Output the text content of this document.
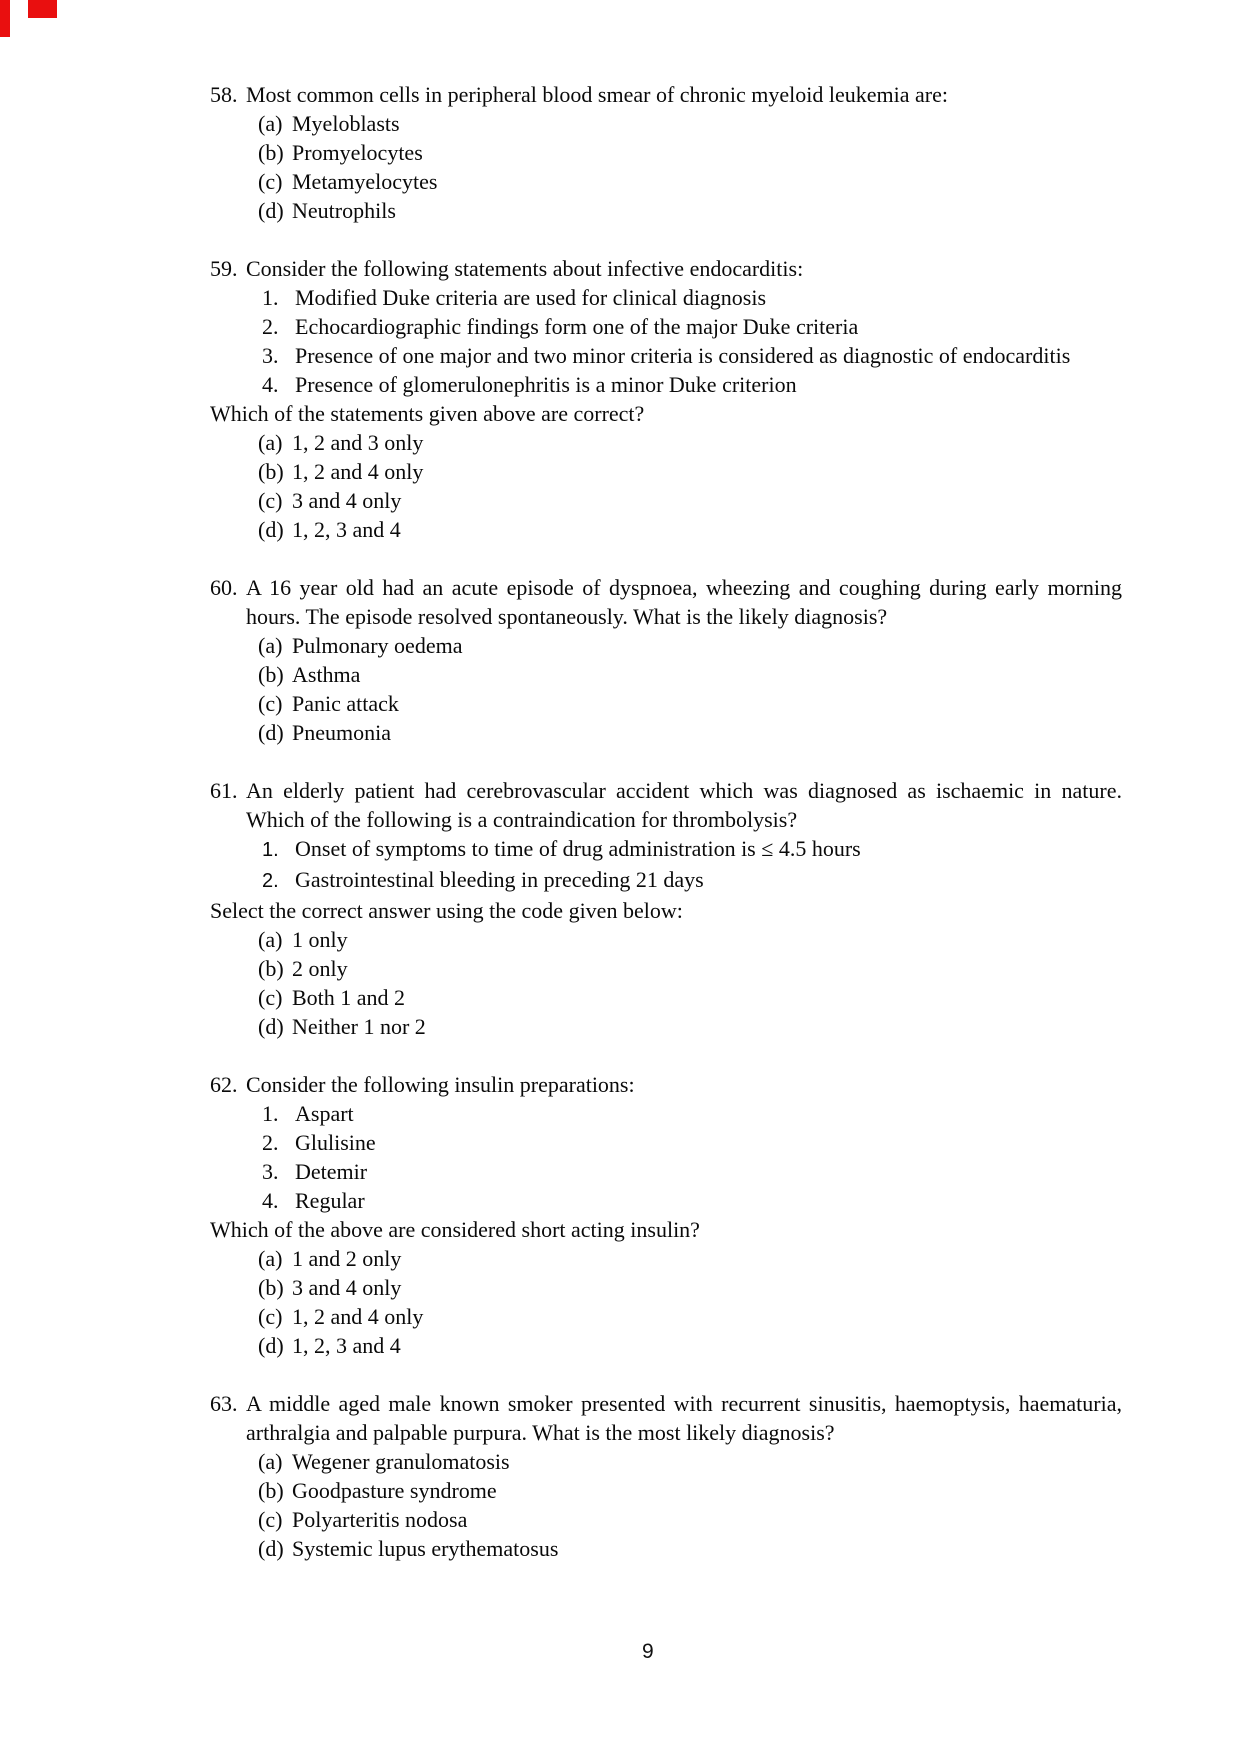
58. Most common cells in peripheral blood smear of chronic myeloid leukemia are:

(a) Myeloblasts

(b) Promyelocytes

(c) Metamyelocytes

(d) Neutrophils

59. Consider the following statements about infective endocarditis:

1. Modified Duke criteria are used for clinical diagnosis

2. Echocardiographic findings form one of the major Duke criteria

3. Presence of one major and two minor criteria is considered as diagnostic of endocarditis

4. Presence of glomerulonephritis is a minor Duke criterion

Which of the statements given above are correct?

(a) 1, 2 and 3 only

(b) 1, 2 and 4 only

(c) 3 and 4 only

(d) 1, 2, 3 and 4

60. A 16 year old had an acute episode of dyspnoea, wheezing and coughing during early morning hours. The episode resolved spontaneously. What is the likely diagnosis?

(a) Pulmonary oedema

(b) Asthma

(c) Panic attack

(d) Pneumonia

61. An elderly patient had cerebrovascular accident which was diagnosed as ischaemic in nature. Which of the following is a contraindication for thrombolysis?

1. Onset of symptoms to time of drug administration is ≤ 4.5 hours

2. Gastrointestinal bleeding in preceding 21 days

Select the correct answer using the code given below:

(a) 1 only

(b) 2 only

(c) Both 1 and 2

(d) Neither 1 nor 2

62. Consider the following insulin preparations:

1. Aspart

2. Glulisine

3. Detemir

4. Regular

Which of the above are considered short acting insulin?

(a) 1 and 2 only

(b) 3 and 4 only

(c) 1, 2 and 4 only

(d) 1, 2, 3 and 4

63. A middle aged male known smoker presented with recurrent sinusitis, haemoptysis, haematuria, arthralgia and palpable purpura. What is the most likely diagnosis?

(a) Wegener granulomatosis

(b) Goodpasture syndrome

(c) Polyarteritis nodosa

(d) Systemic lupus erythematosus

9
